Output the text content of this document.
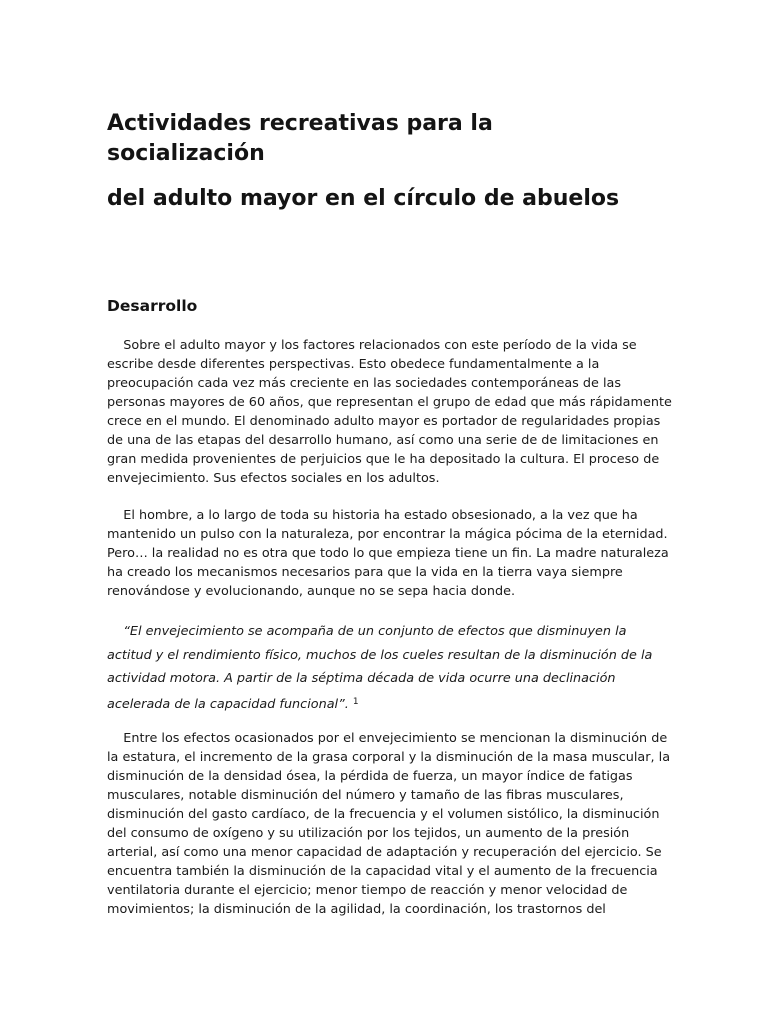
Actividades recreativas para la
socialización
del adulto mayor en el círculo de abuelos
Desarrollo
Sobre el adulto mayor y los factores relacionados con este período de la vida se
escribe desde diferentes perspectivas. Esto obedece fundamentalmente a la
preocupación cada vez más creciente en las sociedades contemporáneas de las
personas mayores de 60 años, que representan el grupo de edad que más rápidamente
crece en el mundo. El denominado adulto mayor es portador de regularidades propias
de una de las etapas del desarrollo humano, así como una serie de de limitaciones en
gran medida provenientes de perjuicios que le ha depositado la cultura. El proceso de
envejecimiento. Sus efectos sociales en los adultos.
El hombre, a lo largo de toda su historia ha estado obsesionado, a la vez que ha
mantenido un pulso con la naturaleza, por encontrar la mágica pócima de la eternidad.
Pero… la realidad no es otra que todo lo que empieza tiene un fin. La madre naturaleza
ha creado los mecanismos necesarios para que la vida en la tierra vaya siempre
renovándose y evolucionando, aunque no se sepa hacia donde.
“El envejecimiento se acompaña de un conjunto de efectos que disminuyen la
actitud y el rendimiento físico, muchos de los cueles resultan de la disminución de la
actividad motora. A partir de la séptima década de vida ocurre una declinación
acelerada de la capacidad funcional”. $^1$
Entre los efectos ocasionados por el envejecimiento se mencionan la disminución de
la estatura, el incremento de la grasa corporal y la disminución de la masa muscular, la
disminución de la densidad ósea, la pérdida de fuerza, un mayor índice de fatigas
musculares, notable disminución del número y tamaño de las fibras musculares,
disminución del gasto cardíaco, de la frecuencia y el volumen sistólico, la disminución
del consumo de oxígeno y su utilización por los tejidos, un aumento de la presión
arterial, así como una menor capacidad de adaptación y recuperación del ejercicio. Se
encuentra también la disminución de la capacidad vital y el aumento de la frecuencia
ventilatoria durante el ejercicio; menor tiempo de reacción y menor velocidad de
movimientos; la disminución de la agilidad, la coordinación, los trastornos del
